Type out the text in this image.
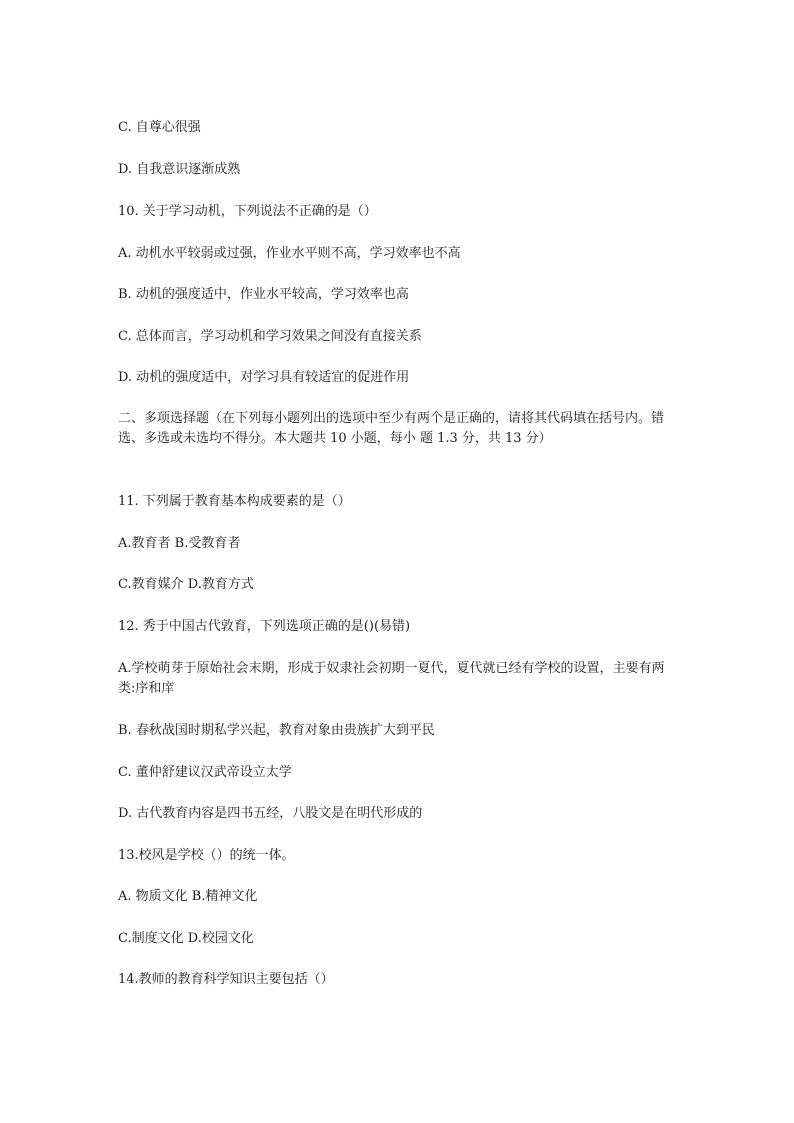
C. 自尊心很强
D. 自我意识逐渐成熟
10. 关于学习动机，下列说法不正确的是（）
A. 动机水平较弱或过强，作业水平则不高，学习效率也不高
B. 动机的强度适中，作业水平较高，学习效率也高
C. 总体而言，学习动机和学习效果之间没有直接关系
D. 动机的强度适中，对学习具有较适宜的促进作用
二、多项选择题（在下列每小题列出的选项中至少有两个是正确的，请将其代码填在括号内。错选、多选或未选均不得分。本大题共 10 小题，每小 题 1.3 分，共 13 分）
11. 下列属于教育基本构成要素的是（）
A.教育者 B.受教育者
C.教育媒介 D.教育方式
12. 秀于中国古代敦育，下列选项正确的是()(易错)
A.学校萌芽于原始社会末期，形成于奴隶社会初期一夏代，夏代就已经有学校的设置，主要有两类:序和庠
B. 春秋战国时期私学兴起，教育对象由贵族扩大到平民
C. 董仲舒建议汉武帝设立太学
D. 古代教育内容是四书五经，八股文是在明代形成的
13.校风是学校（）的统一体。
A. 物质文化 B.精神文化
C.制度文化 D.校园文化
14.教师的教育科学知识主要包括（）
